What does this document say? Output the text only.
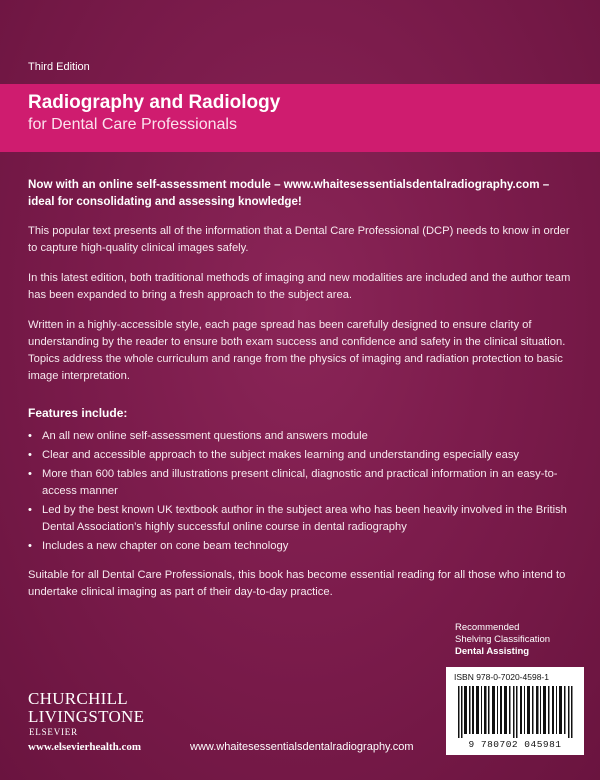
Third Edition
Radiography and Radiology
for Dental Care Professionals

Now with an online self-assessment module – www.whaitesessentialsdentalradiography.com – ideal for consolidating and assessing knowledge!

This popular text presents all of the information that a Dental Care Professional (DCP) needs to know in order to capture high-quality clinical images safely.

In this latest edition, both traditional methods of imaging and new modalities are included and the author team has been expanded to bring a fresh approach to the subject area.

Written in a highly-accessible style, each page spread has been carefully designed to ensure clarity of understanding by the reader to ensure both exam success and confidence and safety in the clinical situation. Topics address the whole curriculum and range from the physics of imaging and radiation protection to basic image interpretation.

Features include:
• An all new online self-assessment questions and answers module
• Clear and accessible approach to the subject makes learning and understanding especially easy
• More than 600 tables and illustrations present clinical, diagnostic and practical information in an easy-to-access manner
• Led by the best known UK textbook author in the subject area who has been heavily involved in the British Dental Association’s highly successful online course in dental radiography
• Includes a new chapter on cone beam technology

Suitable for all Dental Care Professionals, this book has become essential reading for all those who intend to undertake clinical imaging as part of their day-to-day practice.

Recommended
Shelving Classification
Dental Assisting
ISBN 978-0-7020-4598-1
9 780702 045981
CHURCHILL
LIVINGSTONE
ELSEVIER
www.elsevierhealth.com	www.whaitesessentialsdentalradiography.com
